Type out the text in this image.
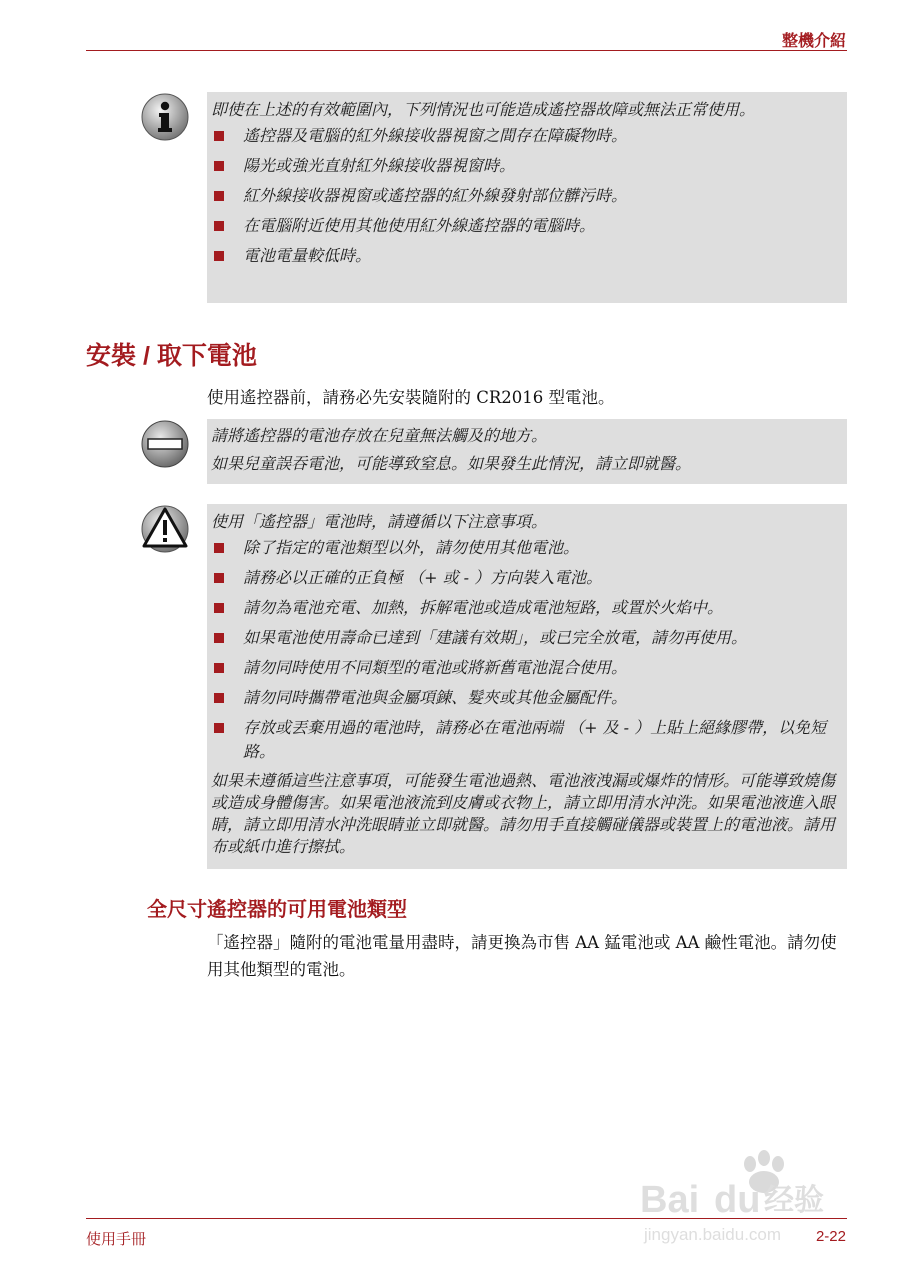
整機介紹

即使在上述的有效範圍內，下列情況也可能造成遙控器故障或無法正常使用。

遙控器及電腦的紅外線接收器視窗之間存在障礙物時。
陽光或強光直射紅外線接收器視窗時。
紅外線接收器視窗或遙控器的紅外線發射部位髒污時。
在電腦附近使用其他使用紅外線遙控器的電腦時。
電池電量較低時。
安裝 / 取下電池

使用遙控器前，請務必先安裝隨附的 CR2016 型電池。

請將遙控器的電池存放在兒童無法觸及的地方。

如果兒童誤吞電池，可能導致窒息。如果發生此情況，請立即就醫。

使用「遙控器」電池時，請遵循以下注意事項。

除了指定的電池類型以外，請勿使用其他電池。
請務必以正確的正負極 （+ 或 - ）方向裝入電池。
請勿為電池充電、加熱，拆解電池或造成電池短路，或置於火焰中。
如果電池使用壽命已達到「建議有效期」，或已完全放電，請勿再使用。
請勿同時使用不同類型的電池或將新舊電池混合使用。
請勿同時攜帶電池與金屬項鍊、髮夾或其他金屬配件。
存放或丟棄用過的電池時，請務必在電池兩端 （+ 及 - ）上貼上絕緣膠帶，以免短路。

如果未遵循這些注意事項，可能發生電池過熱、電池液洩漏或爆炸的情形。可能導致燒傷或造成身體傷害。如果電池液流到皮膚或衣物上，請立即用清水沖洗。如果電池液進入眼睛，請立即用清水沖洗眼睛並立即就醫。請勿用手直接觸碰儀器或裝置上的電池液。請用布或紙巾進行擦拭。

全尺寸遙控器的可用電池類型

「遙控器」隨附的電池電量用盡時，請更換為市售 AA 錳電池或 AA 鹼性電池。請勿使用其他類型的電池。

Bai du 经验
jingyan.baidu.com
使用手冊	2-22
